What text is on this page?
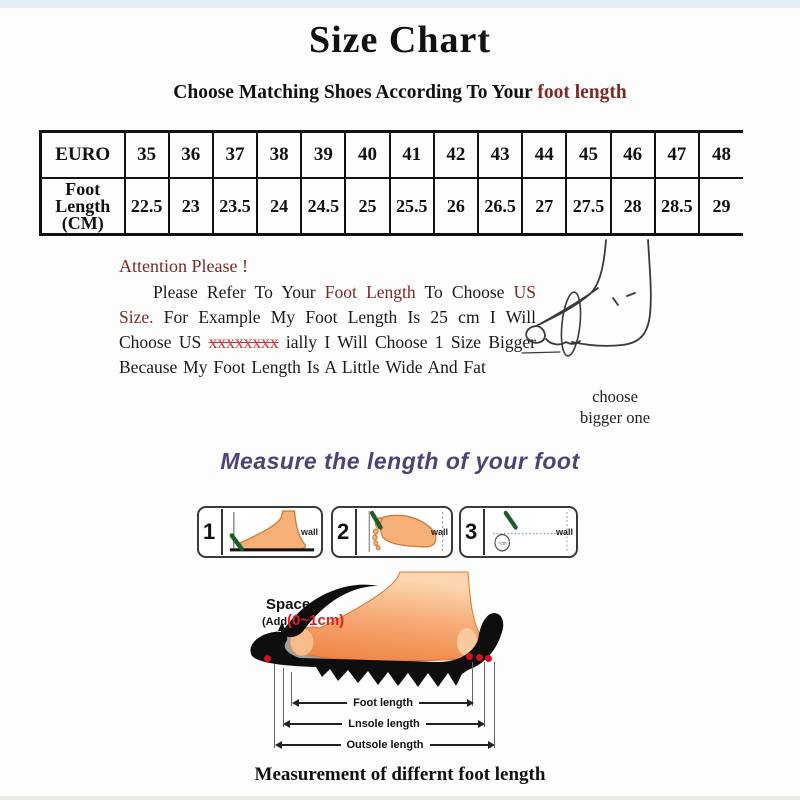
Size Chart
Choose Matching Shoes According To Your foot length
EURO	35	36	37	38	39	40	41	42	43	44	45	46	47	48

Foot
Length
(CM)	22.5	23	23.5	24	24.5	25	25.5	26	26.5	27	27.5	28	28.5	29
Attention Please !

Please Refer To Your Foot Length To Choose US Size. For Example My Foot Length Is 25 cm I Will Choose US xxxxxxxx ially I Will Choose 1 Size Bigger Because My Foot Length Is A Little Wide And Fat

choose
bigger one
Measure the length of your foot
1	wall 2	wall 3
~cm
wall
Space
(Add(0~1cm)
Foot length
Lnsole length
Outsole length
Measurement of differnt foot length
